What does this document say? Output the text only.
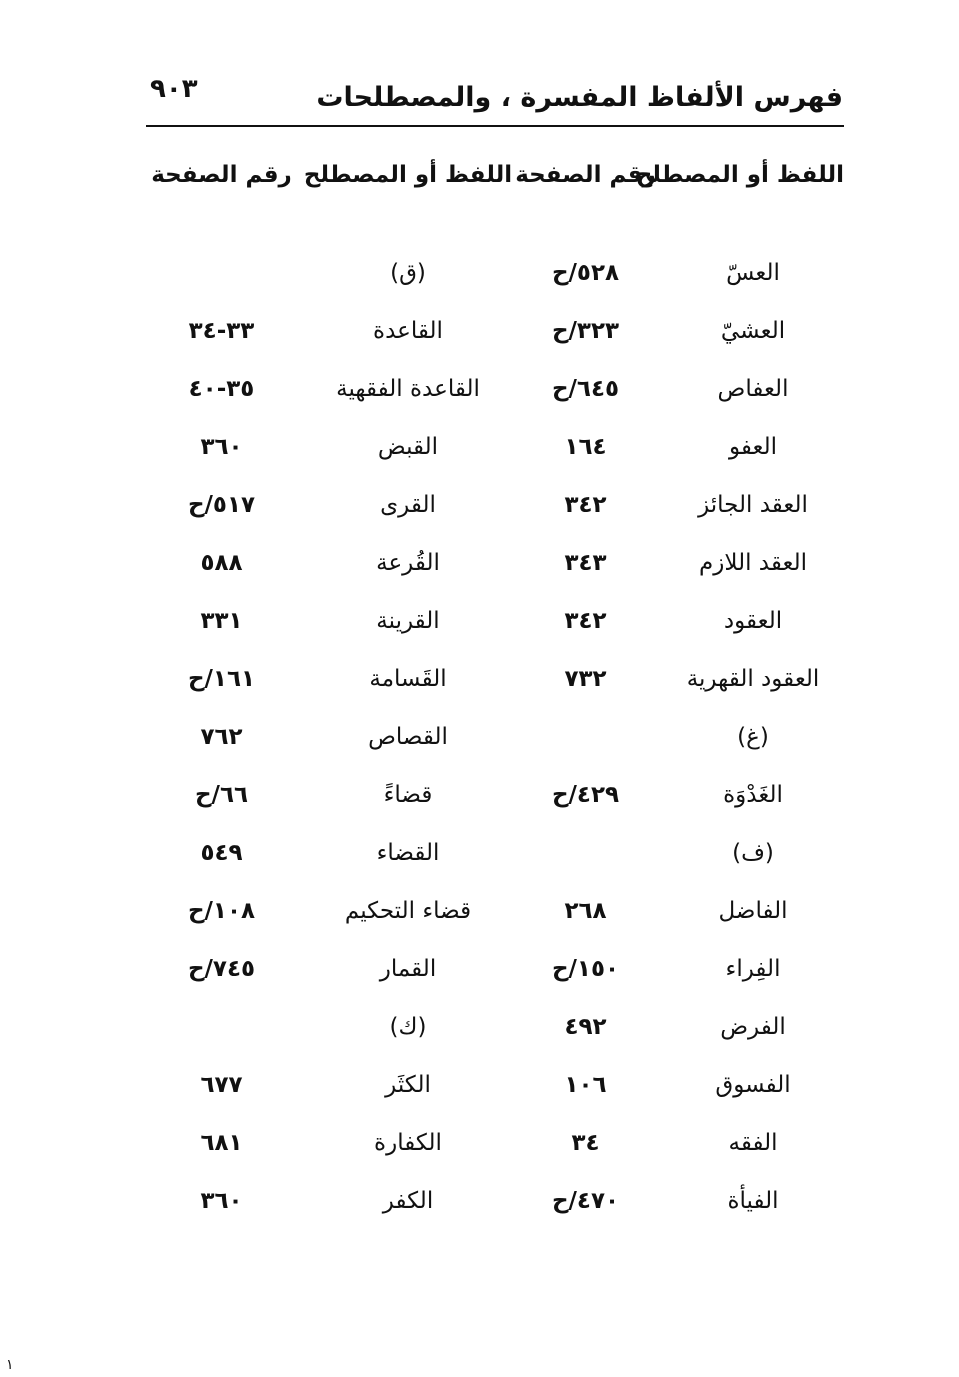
فهرس الألفاظ المفسرة ، والمصطلحات
٩٠٣
اللفظ أو المصطلح
رقم الصفحة
اللفظ أو المصطلح
رقم الصفحة
العسّ
٥٢٨/ح
(ق)
العشيّ
٣٢٣/ح
القاعدة
٣٣-٣٤
العفاص
٦٤٥/ح
القاعدة الفقهية
٣٥-٤٠
العفو
١٦٤
القبض
٣٦٠
العقد الجائز
٣٤٢
القرى
٥١٧/ح
العقد اللازم
٣٤٣
القُرعة
٥٨٨
العقود
٣٤٢
القرينة
٣٣١
العقود القهرية
٧٣٢
القَسامة
١٦١/ح
(غ)
القصاص
٧٦٢
الغَدْوَة
٤٢٩/ح
قضاءً
٦٦/ح
(ف)
القضاء
٥٤٩
الفاضل
٢٦٨
قضاء التحكيم
١٠٨/ح
الفِراء
١٥٠/ح
القمار
٧٤٥/ح
الفرض
٤٩٢
(ك)
الفسوق
١٠٦
الكثَر
٦٧٧
الفقه
٣٤
الكفارة
٦٨١
الفيأة
٤٧٠/ح
الكفر
٣٦٠
١
